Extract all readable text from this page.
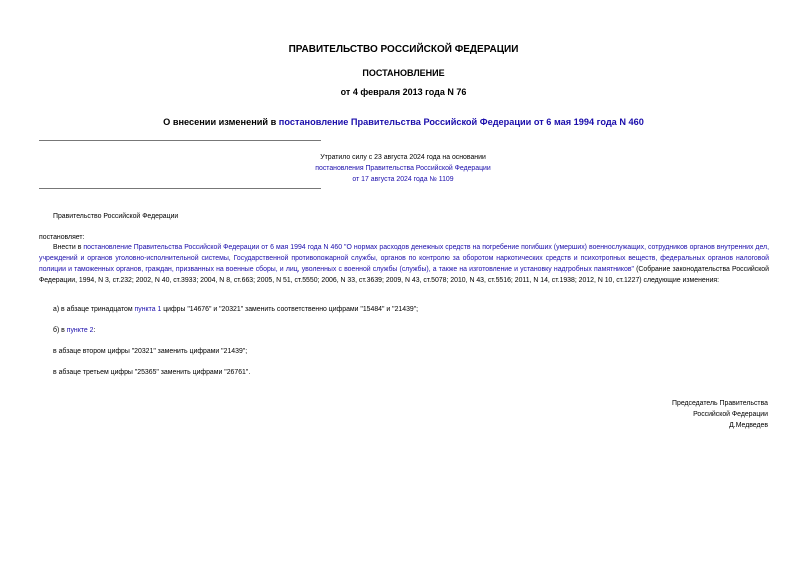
ПРАВИТЕЛЬСТВО РОССИЙСКОЙ ФЕДЕРАЦИИ
ПОСТАНОВЛЕНИЕ
от 4 февраля 2013 года N 76
О внесении изменений в постановление Правительства Российской Федерации от 6 мая 1994 года N 460
Утратило силу с 23 августа 2024 года на основании
постановления Правительства Российской Федерации
от 17 августа 2024 года № 1109
Правительство Российской Федерации
постановляет:
Внести в постановление Правительства Российской Федерации от 6 мая 1994 года N 460 "О нормах расходов денежных средств на погребение погибших (умерших) военнослужащих, сотрудников органов внутренних дел, учреждений и органов уголовно-исполнительной системы, Государственной противопожарной службы, органов по контролю за оборотом наркотических средств и психотропных веществ, федеральных органов налоговой полиции и таможенных органов, граждан, призванных на военные сборы, и лиц, уволенных с военной службы (службы), а также на изготовление и установку надгробных памятников" (Собрание законодательства Российской Федерации, 1994, N 3, ст.232; 2002, N 40, ст.3933; 2004, N 8, ст.663; 2005, N 51, ст.5550; 2006, N 33, ст.3639; 2009, N 43, ст.5078; 2010, N 43, ст.5516; 2011, N 14, ст.1938; 2012, N 10, ст.1227) следующие изменения:
а) в абзаце тринадцатом пункта 1 цифры "14676" и "20321" заменить соответственно цифрами "15484" и "21439";
б) в пункте 2:
в абзаце втором цифры "20321" заменить цифрами "21439";
в абзаце третьем цифры "25365" заменить цифрами "26761".
Председатель Правительства
Российской Федерации
Д.Медведев
